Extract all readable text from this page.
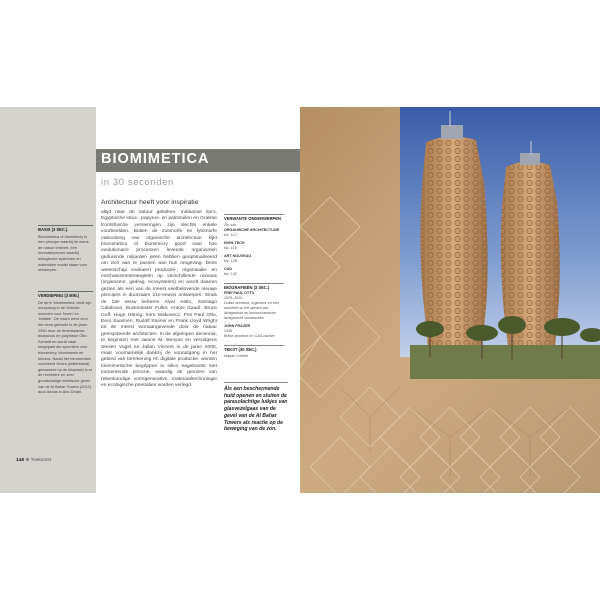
BIOMIMETICA
in 30 seconden
BASIS (3 SEC.)
Biomimetica of biomimicry is een principe waarbij de mens de natuur imiteert, een innovatieproces waarbij biologische systemen en materialen model staan voor ontwerpen.
VERDIEPING (3 MIN.)
De term 'biomimetica' vindt zijn oorsprong in de Griekse woorden voor 'leven' en 'imitatie'. De naam werd voor het eerst gebruikt in de jaren 1950 door de Amerikaanse biofysicus en polyhistor Otto Schmitt en wordt vaak toegepast als synoniem voor biomimicry, biomimesis en bionica. Naast het beroemdste voorbeeld Velcro (klittenband) gebaseerd op de klisplant) is er de recentere en zeer grootschalige kinetische gevel van de Al Bahar Towers (2012) door Aedas in Abu Dhabi.
Architectuur heeft voor inspiratie
altijd naar de natuur gekeken. Indiaanse tipi's, Egyptische lotus-, papyrus- en palmzuilen en Griekse Korinthische versieringen zijn slechts enkele voorbeelden. Buiten de zoömorfe en fytomorfe nabootsing van organische architectuur kijkt biomimetica of biomimicry goed naar hoe evolutionaire processen levende organismen gedurende miljarden jaren hebben geoptimaliseerd om zich aan te passen aan hun omgeving. Deze wetenschap evalueert productie-, organisatie- en mechanismestrategieën op verschillende niveaus (organisme, gedrag, ecosysteem) en wordt daarom gezien als een van de meest veelbelovende nieuwe principes in duurzaam 21e-eeuws ontwerpen. Sinds de 19e eeuw beheren Alvar Aalto, Santiago Calatrava, Buckminster Fuller, Antoni Gaudí, Bruce Goff, Hugo Häring, Imre Makovecz, Frei Paul Otto, Eero Saarinen, Rudolf Steiner en Frank Lloyd Wright tot de meest toonaangevende door de natuur geïnspireerde architecten. In de afgelopen decennia, te beginnen met Janine M. Benyus en vervolgens Steven Vogel en Julian Vincent in de jaren 2000, maar voornamelijk dankzij de vooruitgang in het gebied van berekening en digitale productie, worden biomimetische begrippen in silico nagebootst met toenemende precisie, waardig de grenzen van rekenkundige vormgenerative, materiaaltechnologie en ecologische prestaties worden verlegd.
VERWANTE ONDERWERPEN
Zie ook
ORGANISCHE ARCHITECTUUR
blz. 112
HIGH-TECH
blz. 116
ART NOUVEAU
blz. 128
CAD
blz. 142
BIOGRAFIEËN (3 SEC.)
FREI PAUL OTTO
1925–2015
Duitse architect, ingenieur en een autoriteit op het gebied van lichtgewicht en biomechanische lichtgewicht constructies
JOHN FRAZER
1945
Britse architect en CAD-pionier
TEKST (30 SEC.)
Marjan Colletti
Als een beschermende huid openen en sluiten de parasolachtige luikjes van glasvezelgaas van de gevel van de Al Bahar Towers als reactie op de beweging van de zon.
148 ⊕ Toekomst
